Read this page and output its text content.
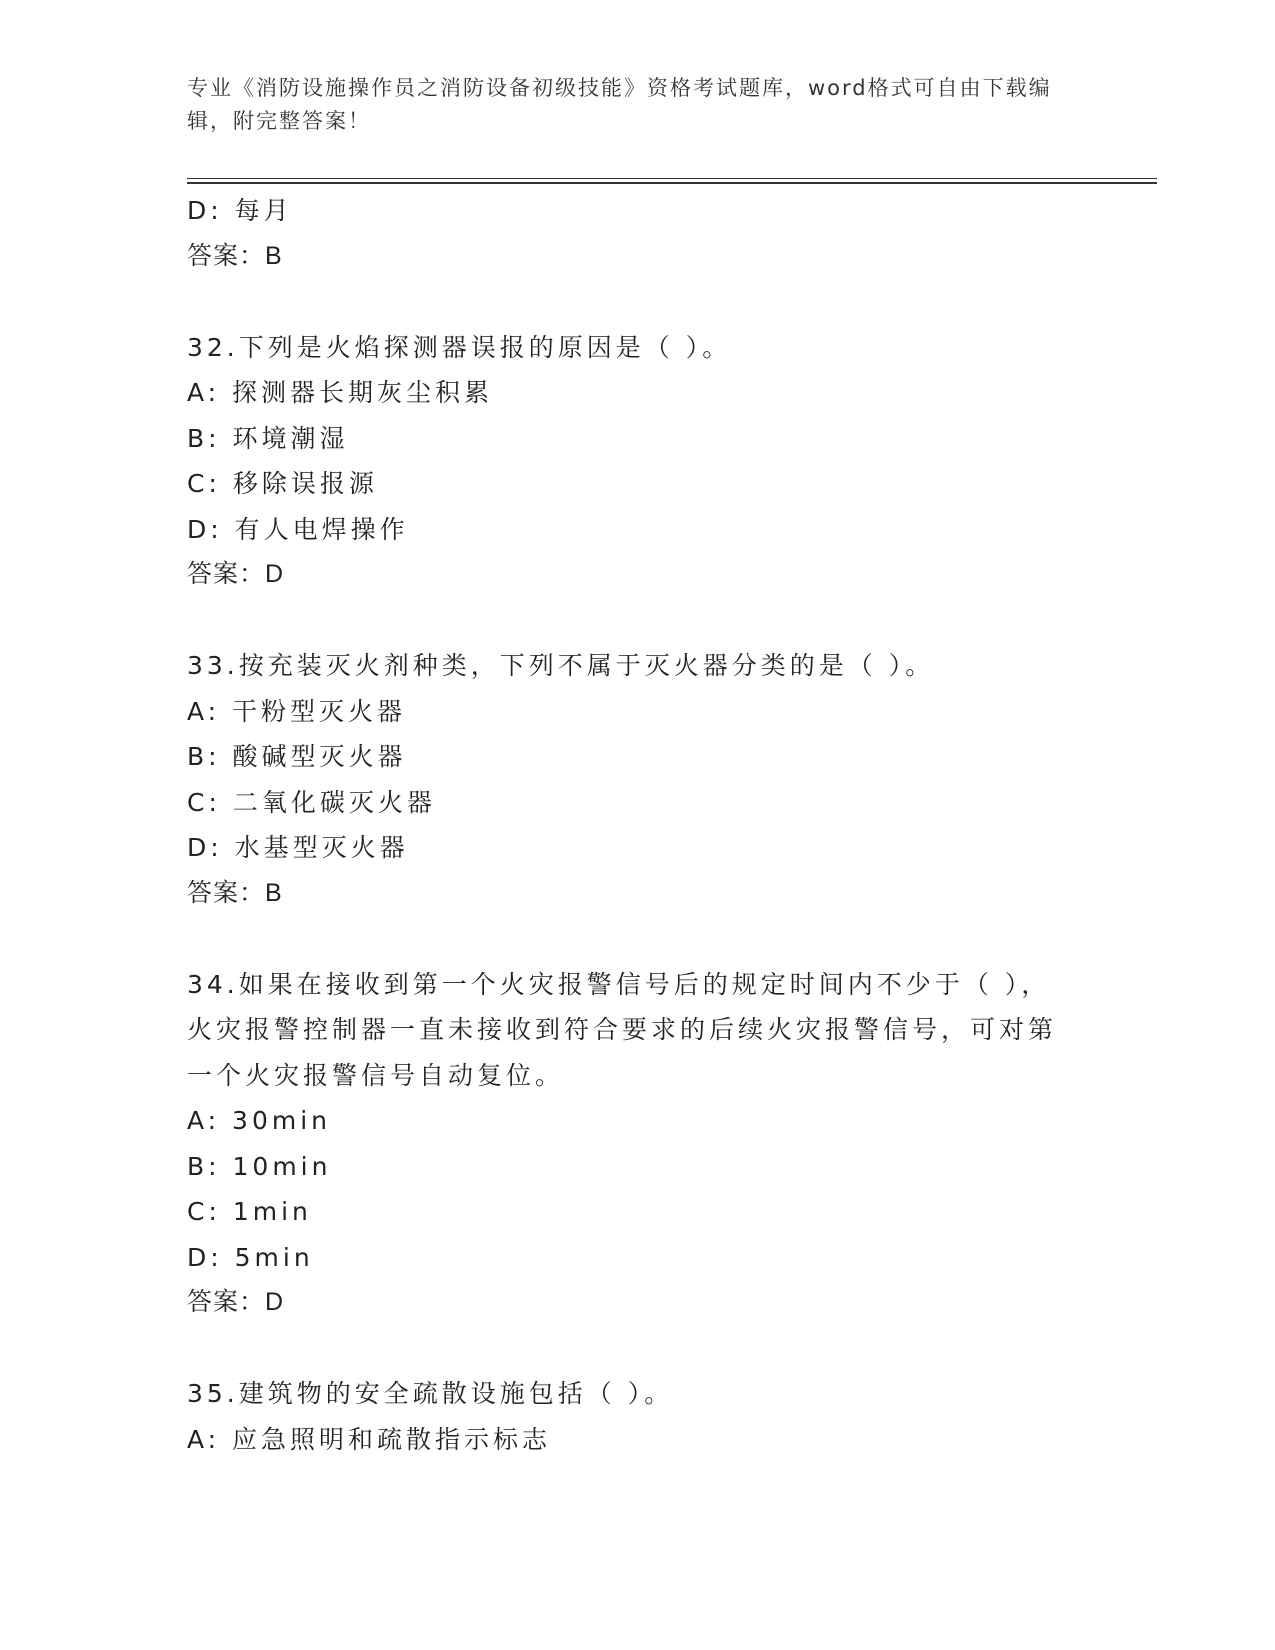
专业《消防设施操作员之消防设备初级技能》资格考试题库，word格式可自由下载编辑，附完整答案！
D: 每月
答案：B
32.下列是火焰探测器误报的原因是（ ）。
A: 探测器长期灰尘积累
B: 环境潮湿
C: 移除误报源
D: 有人电焊操作
答案：D
33.按充装灭火剂种类，下列不属于灭火器分类的是（ ）。
A: 干粉型灭火器
B: 酸碱型灭火器
C: 二氧化碳灭火器
D: 水基型灭火器
答案：B
34.如果在接收到第一个火灾报警信号后的规定时间内不少于（ ），火灾报警控制器一直未接收到符合要求的后续火灾报警信号，可对第一个火灾报警信号自动复位。
A: 30min
B: 10min
C: 1min
D: 5min
答案：D
35.建筑物的安全疏散设施包括（ ）。
A: 应急照明和疏散指示标志
